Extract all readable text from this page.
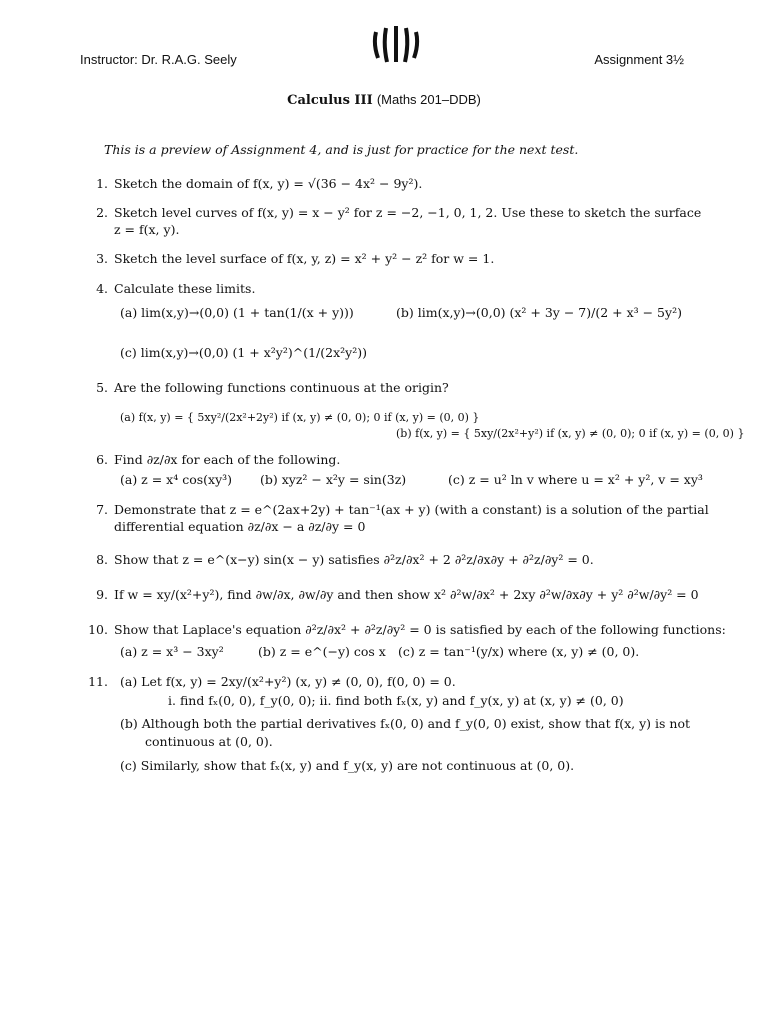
Instructor: Dr. R.A.G. Seely	Assignment 3½
Calculus III (Maths 201–DDB)
This is a preview of Assignment 4, and is just for practice for the next test.
1. Sketch the domain of f(x, y) = √(36 − 4x² − 9y²).
2. Sketch level curves of f(x, y) = x − y² for z = −2, −1, 0, 1, 2. Use these to sketch the surface
z = f(x, y).
3. Sketch the level surface of f(x, y, z) = x² + y² − z² for w = 1.
4. Calculate these limits.
(a) lim(x,y)→(0,0) (1 + tan(1/(x + y)))	(b) lim(x,y)→(0,0) (x² + 3y − 7)/(2 + x³ − 5y²)
(c) lim(x,y)→(0,0) (1 + x²y²)^(1/(2x²y²))
5. Are the following functions continuous at the origin?
(a) f(x, y) = { 5xy²/(2x²+2y²) if (x, y) ≠ (0, 0); 0 if (x, y) = (0, 0) }
(b) f(x, y) = { 5xy/(2x²+y²) if (x, y) ≠ (0, 0); 0 if (x, y) = (0, 0) }
6. Find ∂z/∂x for each of the following.
(a) z = x⁴ cos(xy³) (b) xyz² − x²y = sin(3z)	(c) z = u² ln v where u = x² + y², v = xy³
7. Demonstrate that z = e^(2ax+2y) + tan⁻¹(ax + y) (with a constant) is a solution of the partial
differential equation ∂z/∂x − a ∂z/∂y = 0
8. Show that z = e^(x−y) sin(x − y) satisfies ∂²z/∂x² + 2 ∂²z/∂x∂y + ∂²z/∂y² = 0.
9. If w = xy/(x²+y²), find ∂w/∂x, ∂w/∂y and then show x² ∂²w/∂x² + 2xy ∂²w/∂x∂y + y² ∂²w/∂y² = 0
10. Show that Laplace's equation ∂²z/∂x² + ∂²z/∂y² = 0 is satisfied by each of the following functions:
(a) z = x³ − 3xy²	(b) z = e^(−y) cos x (c) z = tan⁻¹(y/x) where (x, y) ≠ (0, 0).
11. (a) Let f(x, y) = 2xy/(x²+y²) (x, y) ≠ (0, 0), f(0, 0) = 0.
i. find fₓ(0, 0), f_y(0, 0); ii. find both fₓ(x, y) and f_y(x, y) at (x, y) ≠ (0, 0)
(b) Although both the partial derivatives fₓ(0, 0) and f_y(0, 0) exist, show that f(x, y) is not
continuous at (0, 0).
(c) Similarly, show that fₓ(x, y) and f_y(x, y) are not continuous at (0, 0).
